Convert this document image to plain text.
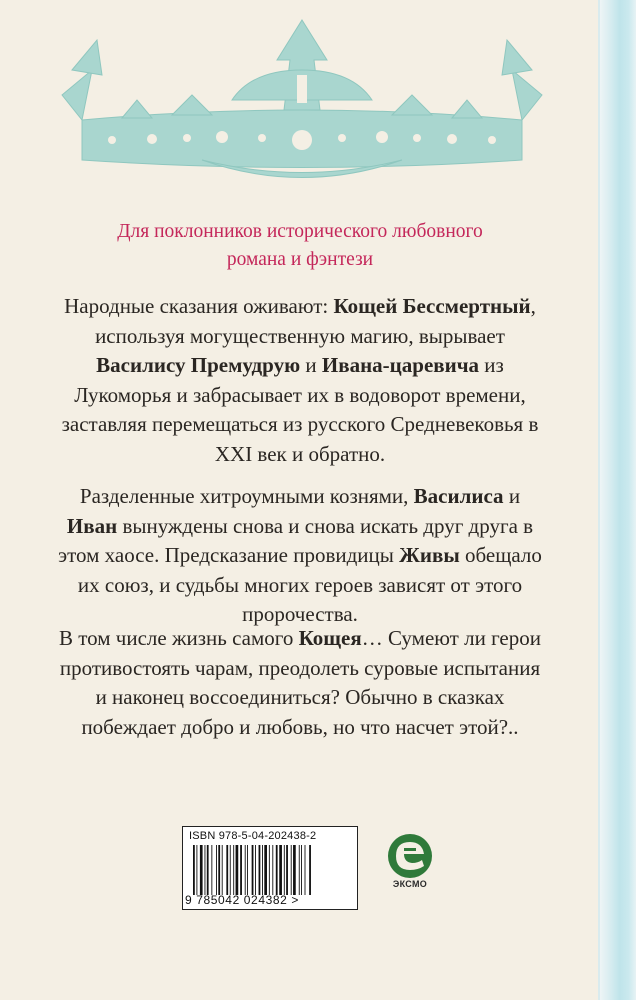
Для поклонников исторического любовного
романа и фэнтези
Народные сказания оживают: Кощей Бессмертный, используя могущественную магию, вырывает Василису Премудрую и Ивана-царевича из Лукоморья и забрасывает их в водоворот времени, заставляя перемещаться из русского Средневековья в XXI век и обратно.
Разделенные хитроумными кознями, Василиса и Иван вынуждены снова и снова искать друг друга в этом хаосе. Предсказание провидицы Живы обещало их союз, и судьбы многих героев зависят от этого пророчества.
В том числе жизнь самого Кощея… Сумеют ли герои противостоять чарам, преодолеть суровые испытания и наконец воссоединиться? Обычно в сказках побеждает добро и любовь, но что насчет этой?..
ISBN 978-5-04-202438-2
9 785042 024382 >
ЭКСМО
